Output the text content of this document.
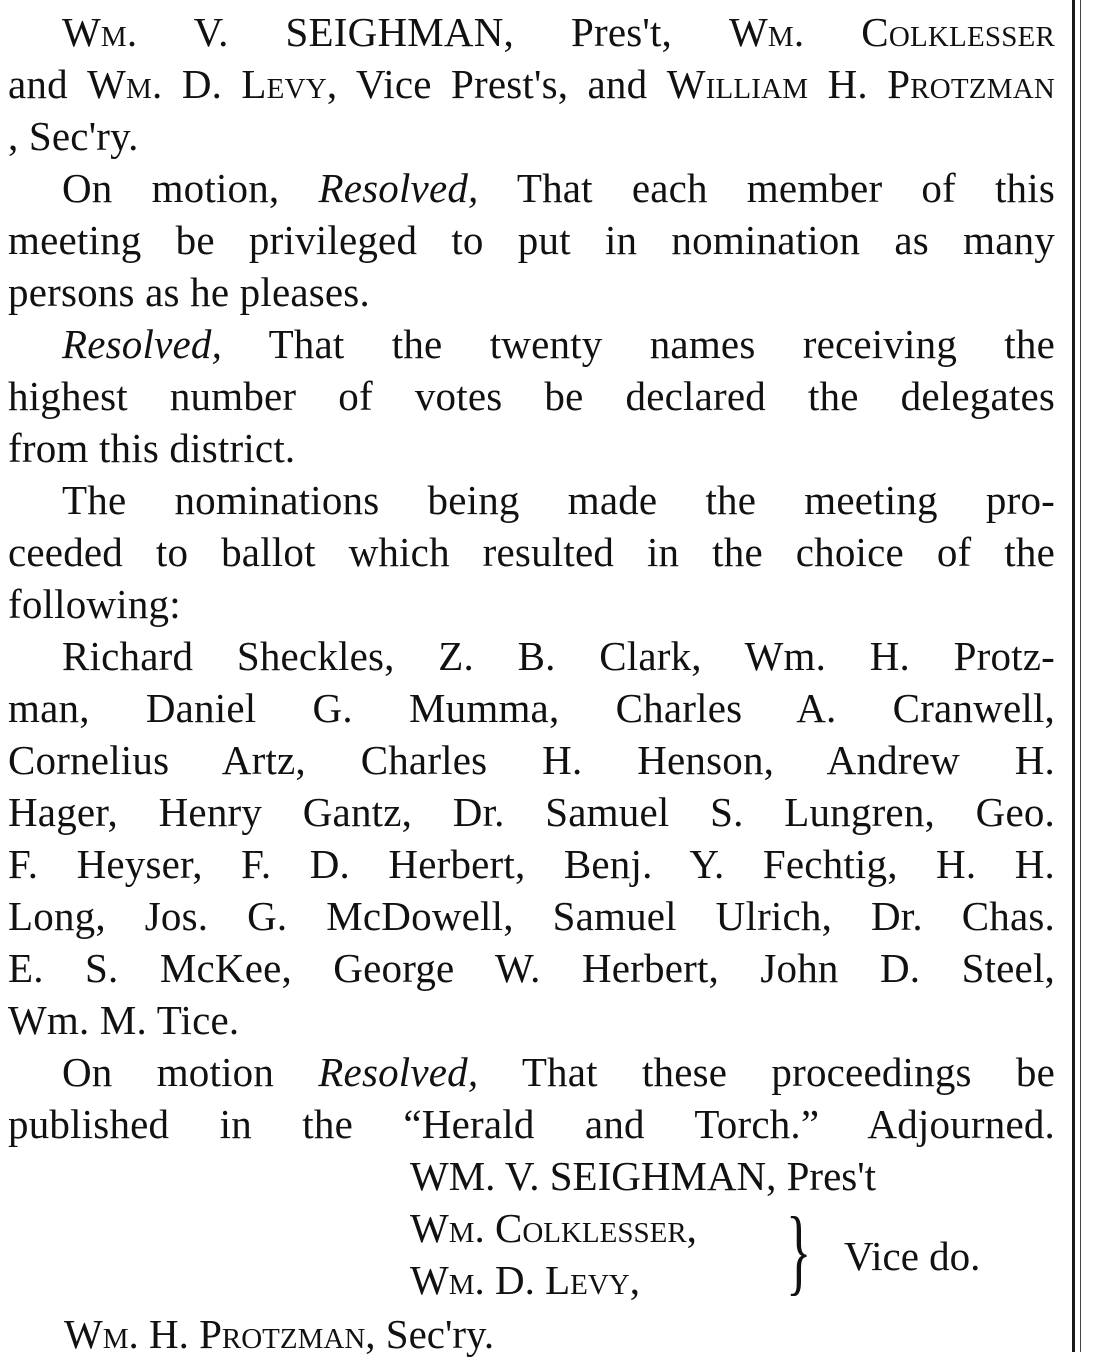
Wm. V. SEIGHMAN, Pres't, Wm. Colklesser

and Wm. D. Levy, Vice Prest's, and William H. Protzman

, Sec'ry.

On motion, Resolved, That each member of this

meeting be privileged to put in nomination as many

persons as he pleases.

Resolved, That the twenty names receiving the

highest number of votes be declared the delegates

from this district.

The nominations being made the meeting pro-

ceeded to ballot which resulted in the choice of the

following:

Richard Sheckles, Z. B. Clark, Wm. H. Protz-

man, Daniel G. Mumma, Charles A. Cranwell,

Cornelius Artz, Charles H. Henson, Andrew H.

Hager, Henry Gantz, Dr. Samuel S. Lungren, Geo.

F. Heyser, F. D. Herbert, Benj. Y. Fechtig, H. H.

Long, Jos. G. McDowell, Samuel Ulrich, Dr. Chas.

E. S. McKee, George W. Herbert, John D. Steel,

Wm. M. Tice.

On motion Resolved, That these proceedings be

published in the “Herald and Torch.” Adjourned.

WM. V. SEIGHMAN, Pres't
Wm. Colklesser,
Wm. D. Levy, } Vice do.
Wm. H. Protzman, Sec'ry.
